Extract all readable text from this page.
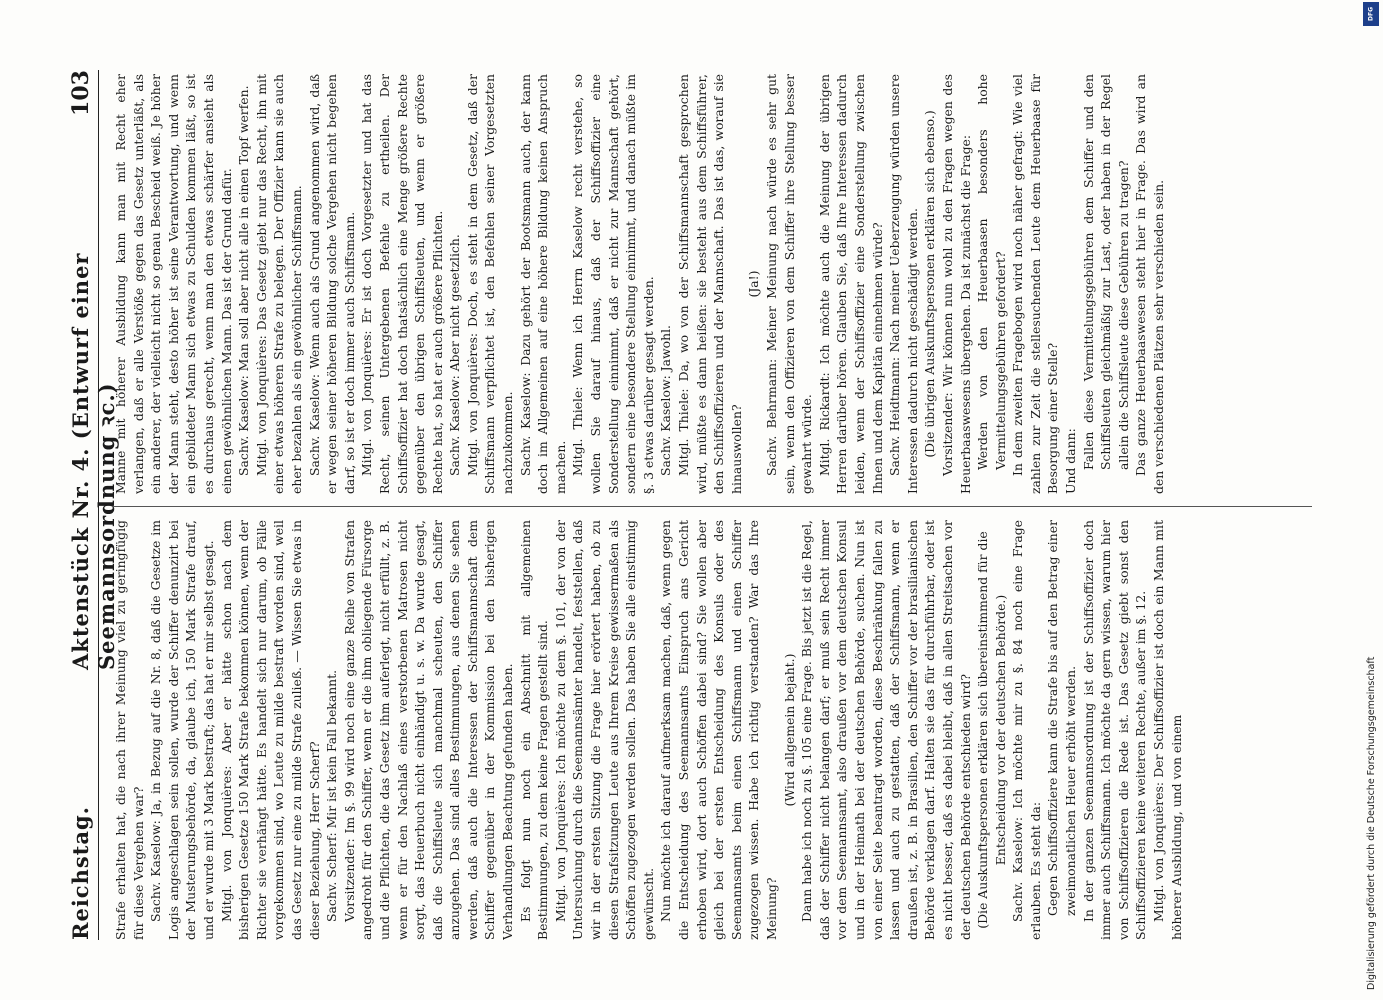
Reichstag.
Aktenstück Nr. 4. (Entwurf einer Seemannsordnung ꝛc.)
103

Strafe erhalten hat, die nach ihrer Meinung viel zu geringfügig für diese Vergehen war? Sachv. Kaselow: Ja, in Bezug auf die Nr. 8, daß die Gesetze im Logis angeschlagen sein sollen, wurde der Schiffer denunzirt bei der Musterungsbehörde, da, glaube ich, 150 Mark Strafe drauf, und er wurde mit 3 Mark bestraft; das hat er mir selbst gesagt. Mitgl. von Jonquières: Aber er hätte schon nach dem bisherigen Gesetze 150 Mark Strafe bekommen können, wenn der Richter sie verhängt hätte. Es handelt sich nur darum, ob Fälle vorgekommen sind, wo Leute zu milde bestraft worden sind, weil das Gesetz nur eine zu milde Strafe zuließ. — Wissen Sie etwas in dieser Beziehung, Herr Scherf? Sachv. Scherf: Mir ist kein Fall bekannt. Vorsitzender: Im §. 99 wird noch eine ganze Reihe von Strafen angedroht für den Schiffer, wenn er die ihm obliegende Fürsorge und die Pflichten, die das Gesetz ihm auferlegt, nicht erfüllt, z. B. wenn er für den Nachlaß eines verstorbenen Matrosen nicht sorgt, das Heuerbuch nicht einhändigt u. s. w. Da wurde gesagt, daß die Schiffsleute sich manchmal scheuten, den Schiffer anzugehen. Das sind alles Bestimmungen, aus denen Sie sehen werden, daß auch die Interessen der Schiffsmannschaft dem Schiffer gegenüber in der Kommission bei den bisherigen Verhandlungen Beachtung gefunden haben. Es folgt nun noch ein Abschnitt mit allgemeinen Bestimmungen, zu dem keine Fragen gestellt sind. Mitgl. von Jonquières: Ich möchte zu dem §. 101, der von der Untersuchung durch die Seemannsämter handelt, feststellen, daß wir in der ersten Sitzung die Frage hier erörtert haben, ob zu diesen Strafsitzungen Leute aus Ihrem Kreise gewissermaßen als Schöffen zugezogen werden sollen. Das haben Sie alle einstimmig gewünscht. Nun möchte ich darauf aufmerksam machen, daß, wenn gegen die Entscheidung des Seemannsamts Einspruch ans Gericht erhoben wird, dort auch Schöffen dabei sind? Sie wollen aber gleich bei der ersten Entscheidung des Konsuls oder des Seemannsamts beim einen Schiffsmann und einen Schiffer zugezogen wissen. Habe ich richtig verstanden? War das Ihre Meinung?

(Wird allgemein bejaht.) Dann habe ich noch zu §. 105 eine Frage. Bis jetzt ist die Regel, daß der Schiffer nicht belangen darf; er muß sein Recht immer vor dem Seemannsamt, also draußen vor dem deutschen Konsul und in der Heimath bei der deutschen Behörde, suchen. Nun ist von einer Seite beantragt worden, diese Beschränkung fallen zu lassen und auch zu gestatten, daß der Schiffsmann, wenn er draußen ist, z. B. in Brasilien, den Schiffer vor der brasilianischen Behörde verklagen darf. Halten sie das für durchführbar, oder ist es nicht besser, daß es dabei bleibt, daß in allen Streitsachen vor der deutschen Behörde entschieden wird? (Die Auskunftspersonen erklären sich übereinstimmend für die Entscheidung vor der deutschen Behörde.) Sachv. Kaselow: Ich möchte mir zu §. 84 noch eine Frage erlauben. Es steht da: Gegen Schiffsoffiziere kann die Strafe bis auf den Betrag einer zweimonatlichen Heuer erhöht werden. In der ganzen Seemannsordnung ist der Schiffsoffizier doch immer auch Schiffsmann. Ich möchte da gern wissen, warum hier von Schiffsoffizieren die Rede ist. Das Gesetz giebt sonst den Schiffsoffizieren keine weiteren Rechte, außer im §. 12. Mitgl. von Jonquières: Der Schiffsoffizier ist doch ein Mann mit höherer Ausbildung, und von einem

Manne mit höherer Ausbildung kann man mit Recht eher verlangen, daß er alle Verstöße gegen das Gesetz unterläßt, als ein anderer, der vielleicht nicht so genau Bescheid weiß. Je höher der Mann steht, desto höher ist seine Verantwortung, und wenn ein gebildeter Mann sich etwas zu Schulden kommen läßt, so ist es durchaus gerecht, wenn man den etwas schärfer ansieht als einen gewöhnlichen Mann. Das ist der Grund dafür. Sachv. Kaselow: Man soll aber nicht alle in einen Topf werfen. Mitgl. von Jonquières: Das Gesetz giebt nur das Recht, ihn mit einer etwas höheren Strafe zu belegen. Der Offizier kann sie auch eher bezahlen als ein gewöhnlicher Schiffsmann. Sachv. Kaselow: Wenn auch als Grund angenommen wird, daß er wegen seiner höheren Bildung solche Vergehen nicht begehen darf, so ist er doch immer auch Schiffsmann. Mitgl. von Jonquières: Er ist doch Vorgesetzter und hat das Recht, seinen Untergebenen Befehle zu ertheilen. Der Schiffsoffizier hat doch thatsächlich eine Menge größere Rechte gegenüber den übrigen Schiffsleuten, und wenn er größere Rechte hat, so hat er auch größere Pflichten. Sachv. Kaselow: Aber nicht gesetzlich. Mitgl. von Jonquières: Doch, es steht in dem Gesetz, daß der Schiffsmann verpflichtet ist, den Befehlen seiner Vorgesetzten nachzukommen. Sachv. Kaselow: Dazu gehört der Bootsmann auch, der kann doch im Allgemeinen auf eine höhere Bildung keinen Anspruch machen. Mitgl. Thiele: Wenn ich Herrn Kaselow recht verstehe, so wollen Sie darauf hinaus, daß der Schiffsoffizier eine Sonderstellung einnimmt, daß er nicht zur Mannschaft gehört, sondern eine besondere Stellung einnimmt, und danach müßte im §. 3 etwas darüber gesagt werden. Sachv. Kaselow: Jawohl. Mitgl. Thiele: Da, wo von der Schiffsmannschaft gesprochen wird, müßte es dann heißen: sie besteht aus dem Schiffsführer, den Schiffsoffizieren und der Mannschaft. Das ist das, worauf sie hinauswollen?

(Ja!) Sachv. Behrmann: Meiner Meinung nach würde es sehr gut sein, wenn den Offizieren von dem Schiffer ihre Stellung besser gewahrt würde. Mitgl. Rickardt: Ich möchte auch die Meinung der übrigen Herren darüber hören. Glauben Sie, daß Ihre Interessen dadurch leiden, wenn der Schiffsoffizier eine Sonderstellung zwischen Ihnen und dem Kapitän einnehmen würde? Sachv. Heidtmann: Nach meiner Ueberzeugung würden unsere Interessen dadurch nicht geschädigt werden. (Die übrigen Auskunftspersonen erklären sich ebenso.) Vorsitzender: Wir können nun wohl zu den Fragen wegen des Heuerbaaswesens übergehen. Da ist zunächst die Frage: Werden von den Heuerbaasen besonders hohe Vermittelungsgebühren gefordert? In dem zweiten Fragebogen wird noch näher gefragt: Wie viel zahlen zur Zeit die stellesuchenden Leute dem Heuerbaase für Besorgung einer Stelle? Und dann: Fallen diese Vermittelungsgebühren dem Schiffer und den Schiffsleuten gleichmäßig zur Last, oder haben in der Regel allein die Schiffsleute diese Gebühren zu tragen? Das ganze Heuerbaaswesen steht hier in Frage. Das wird an den verschiedenen Plätzen sehr verschieden sein.

DFG
Digitalisierung gefördert durch die Deutsche Forschungsgemeinschaft
